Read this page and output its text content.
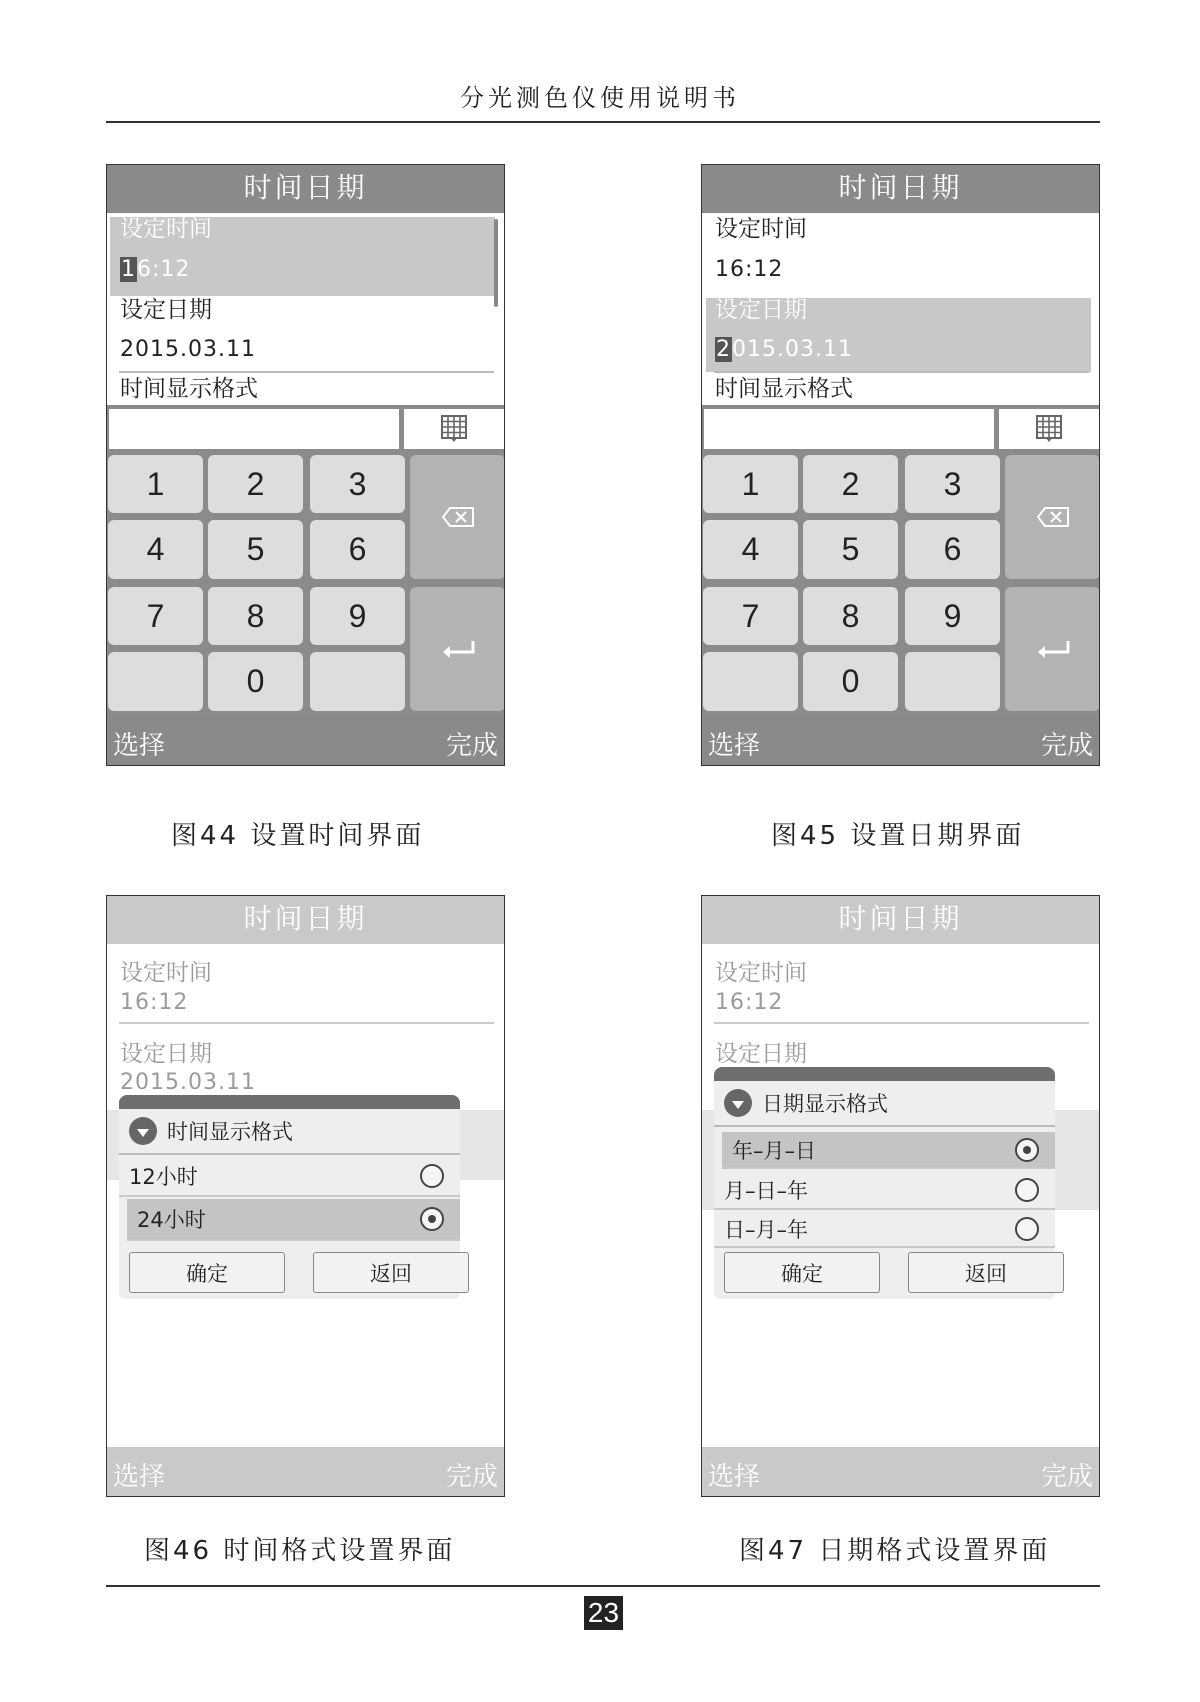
分光测色仪使用说明书
时间日期
设定时间
16:12
设定日期
2015.03.11
时间显示格式
1	2	3
4	5	6
7	8	9
0
选择	完成
时间日期
设定时间
16:12
设定日期
2015.03.11
时间显示格式
1	2	3
4	5	6
7	8	9
0
选择	完成
图44 设置时间界面	图45 设置日期界面
时间日期
设定时间
16:12
设定日期
2015.03.11
时间显示格式
12小时
24小时
确定	返回
选择	完成
时间日期
设定时间
16:12
设定日期
日期显示格式
年–月–日
月–日–年
日–月–年
确定	返回
选择	完成
图46 时间格式设置界面	图47 日期格式设置界面
23
